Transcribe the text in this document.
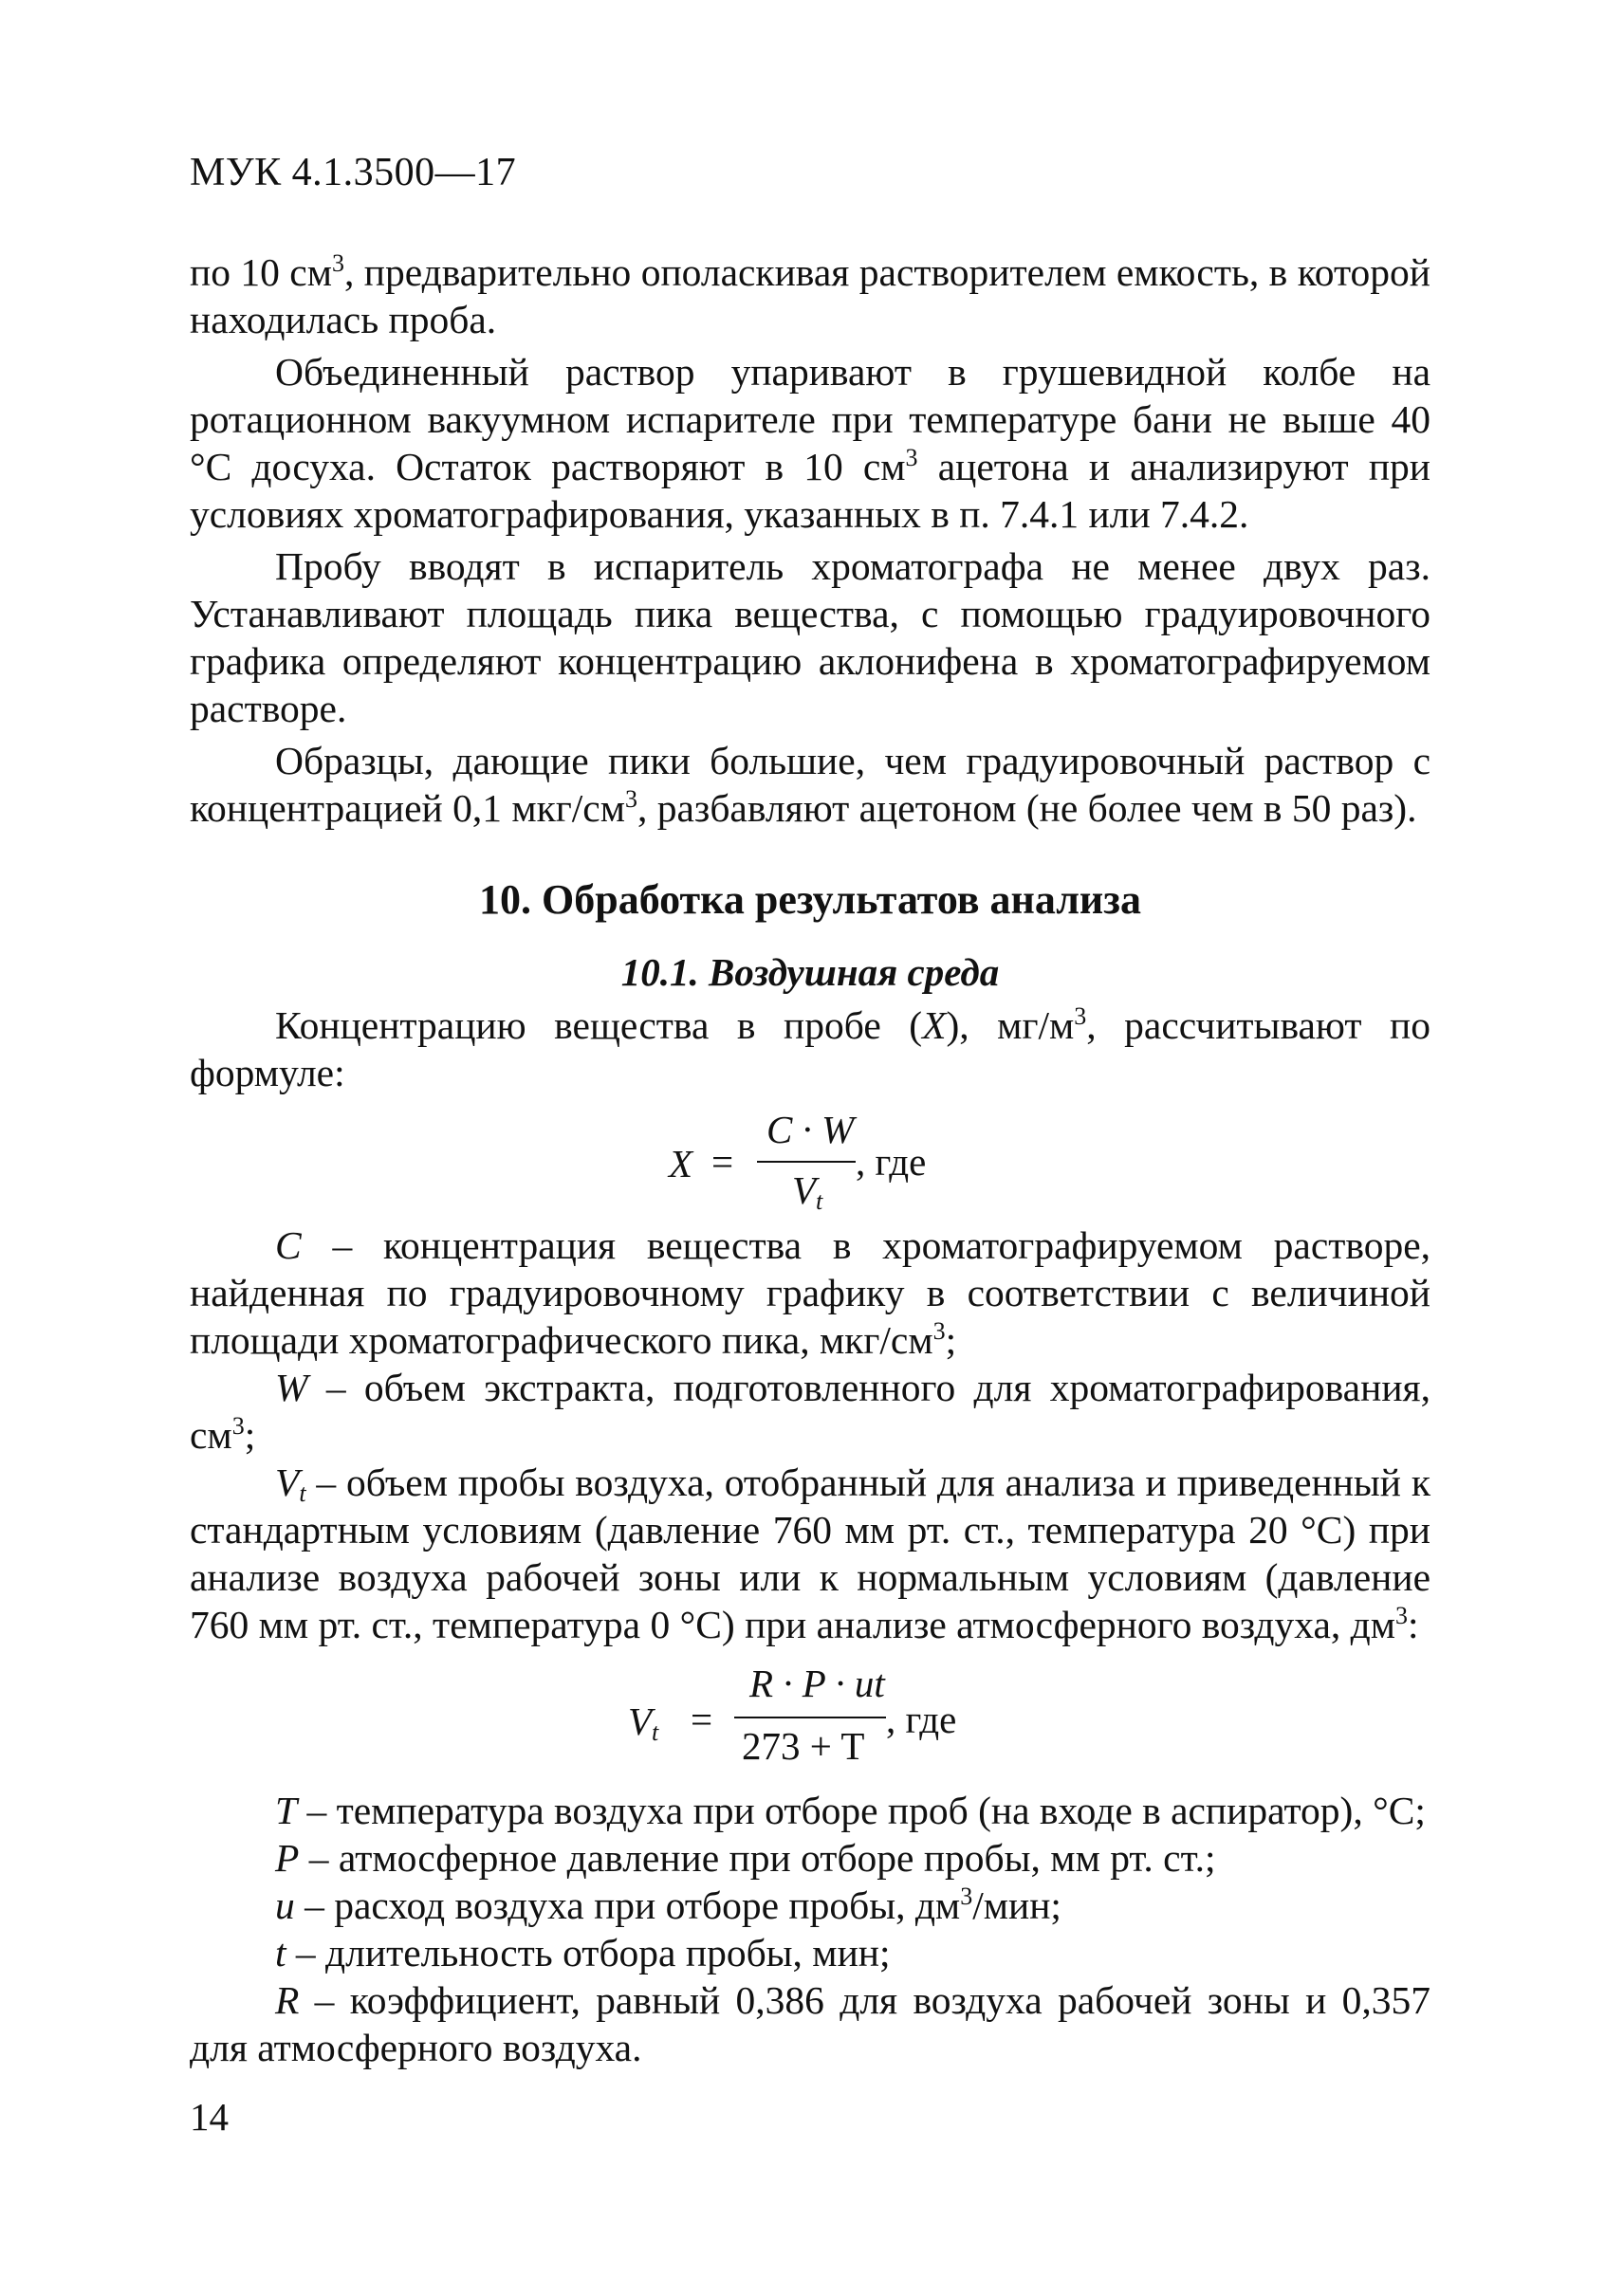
МУК 4.1.3500—17

по 10 $см^3$, предварительно ополаскивая растворителем емкость, в которой находилась проба.

Объединенный раствор упаривают в грушевидной колбе на ротационном вакуумном испарителе при температуре бани не выше 40 °С досуха. Остаток растворяют в 10 $см^3$ ацетона и анализируют при условиях хроматографирования, указанных в п. 7.4.1 или 7.4.2.

Пробу вводят в испаритель хроматографа не менее двух раз. Устанавливают площадь пика вещества, с помощью градуировочного графика определяют концентрацию аклонифена в хроматографируемом растворе.

Образцы, дающие пики большие, чем градуировочный раствор с концентрацией 0,1 мкг/$см^3$, разбавляют ацетоном (не более чем в 50 раз).

10. Обработка результатов анализа
10.1. Воздушная среда

Концентрацию вещества в пробе (X), $мг/м^3$, рассчитывают по формуле:

X =
C · W
$V_t$
, где

C – концентрация вещества в хроматографируемом растворе, найденная по градуировочному графику в соответствии с величиной площади хроматографического пика, мкг/$см^3$;

W – объем экстракта, подготовленного для хроматографирования, $см^3$;

$V_t$ – объем пробы воздуха, отобранный для анализа и приведенный к стандартным условиям (давление 760 мм рт. ст., температура 20 °С) при анализе воздуха рабочей зоны или к нормальным условиям (давление 760 мм рт. ст., температура 0 °С) при анализе атмосферного воздуха, $дм^3$:

$V_t$ =
R · P · ut
273 + T
, где

T – температура воздуха при отборе проб (на входе в аспиратор), °С;

P – атмосферное давление при отборе пробы, мм рт. ст.;

u – расход воздуха при отборе пробы, $дм^3$/мин;

t – длительность отбора пробы, мин;

R – коэффициент, равный 0,386 для воздуха рабочей зоны и 0,357 для атмосферного воздуха.

14
